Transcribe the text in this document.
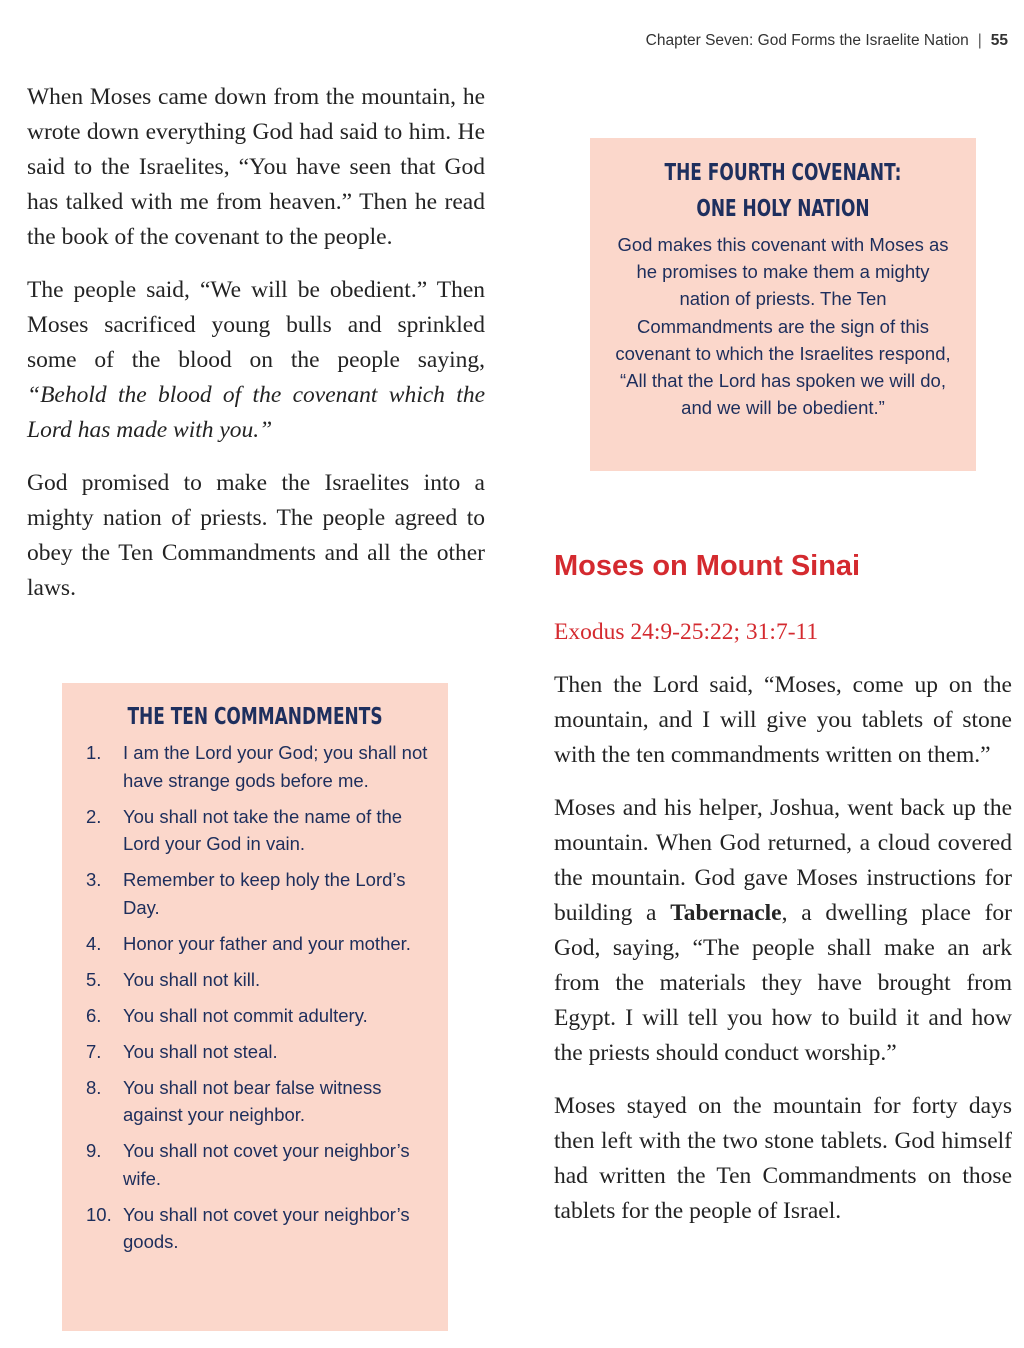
Chapter Seven: God Forms the Israelite Nation | 55

When Moses came down from the mountain, he wrote down everything God had said to him. He said to the Israelites, “You have seen that God has talked with me from heaven.” Then he read the book of the covenant to the people.

The people said, “We will be obedient.” Then Moses sacrificed young bulls and sprinkled some of the blood on the people saying, “Behold the blood of the covenant which the Lord has made with you.”

God promised to make the Israelites into a mighty nation of priests. The people agreed to obey the Ten Commandments and all the other laws.

THE FOURTH COVENANT:
ONE HOLY NATION
God makes this covenant with Moses as he promises to make them a mighty nation of priests. The Ten Commandments are the sign of this covenant to which the Israelites respond, “All that the Lord has spoken we will do, and we will be obedient.”
THE TEN COMMANDMENTS
1.	I am the Lord your God; you shall not have strange gods before me.
2.	You shall not take the name of the Lord your God in vain.
3.	Remember to keep holy the Lord’s Day.
4.	Honor your father and your mother.
5.	You shall not kill.
6.	You shall not commit adultery.
7.	You shall not steal.
8.	You shall not bear false witness against your neighbor.
9.	You shall not covet your neighbor’s wife.
10. You shall not covet your neighbor’s goods.
Moses on Mount Sinai

Exodus 24:9-25:22; 31:7-11

Then the Lord said, “Moses, come up on the mountain, and I will give you tablets of stone with the ten commandments written on them.”

Moses and his helper, Joshua, went back up the mountain. When God returned, a cloud covered the mountain. God gave Moses instructions for building a Tabernacle, a dwelling place for God, saying, “The people shall make an ark from the materials they have brought from Egypt. I will tell you how to build it and how the priests should conduct worship.”

Moses stayed on the mountain for forty days then left with the two stone tablets. God himself had written the Ten Commandments on those tablets for the people of Israel.
